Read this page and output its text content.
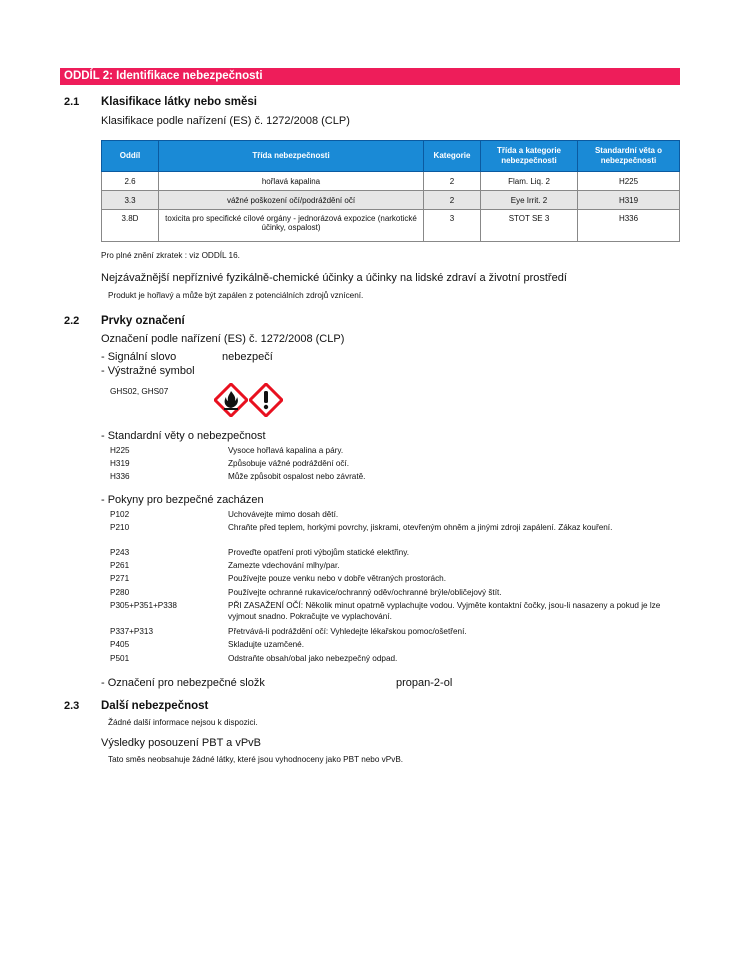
ODDÍL 2: Identifikace nebezpečnosti
2.1 Klasifikace látky nebo směsi
Klasifikace podle nařízení (ES) č. 1272/2008 (CLP)
Oddíl	Třída nebezpečnosti	Kategorie	Třída a kategorie nebezpečnosti	Standardní věta o nebezpečnosti
2.6	hořlavá kapalina	2	Flam. Liq. 2	H225
3.3	vážné poškození očí/podráždění očí	2	Eye Irrit. 2	H319
3.8D	toxicita pro specifické cílové orgány - jednorázová expozice (narkotické účinky, ospalost)	3	STOT SE 3	H336
Pro plné znění zkratek : viz ODDÍL 16.
Nejzávažnější nepříznivé fyzikálně-chemické účinky a účinky na lidské zdraví a životní prostředí
Produkt je hořlavý a může být zapálen z potenciálních zdrojů vznícení.
2.2 Prvky označení
Označení podle nařízení (ES) č. 1272/2008 (CLP)
- Signální slovo	nebezpečí
- Výstražné symbol
GHS02, GHS07
- Standardní věty o nebezpečnost
H225	Vysoce hořlavá kapalina a páry.
H319	Způsobuje vážné podráždění očí.
H336	Může způsobit ospalost nebo závratě.
- Pokyny pro bezpečné zacházen
P102	Uchovávejte mimo dosah dětí.
P210	Chraňte před teplem, horkými povrchy, jiskrami, otevřeným ohněm a jinými zdroji zapálení. Zákaz kouření.
P243	Proveďte opatření proti výbojům statické elektřiny.
P261	Zamezte vdechování mlhy/par.
P271	Používejte pouze venku nebo v dobře větraných prostorách.
P280	Používejte ochranné rukavice/ochranný oděv/ochranné brýle/obličejový štít.
P305+P351+P338	PŘI ZASAŽENÍ OČÍ: Několik minut opatrně vyplachujte vodou. Vyjměte kontaktní čočky, jsou-li nasazeny a pokud je lze vyjmout snadno. Pokračujte ve vyplachování.
P337+P313	Přetrvává-li podráždění očí: Vyhledejte lékařskou pomoc/ošetření.
P405	Skladujte uzamčené.
P501	Odstraňte obsah/obal jako nebezpečný odpad.
- Označení pro nebezpečné složk	propan-2-ol
2.3 Další nebezpečnost
Žádné další informace nejsou k dispozici.
Výsledky posouzení PBT a vPvB
Tato směs neobsahuje žádné látky, které jsou vyhodnoceny jako PBT nebo vPvB.
